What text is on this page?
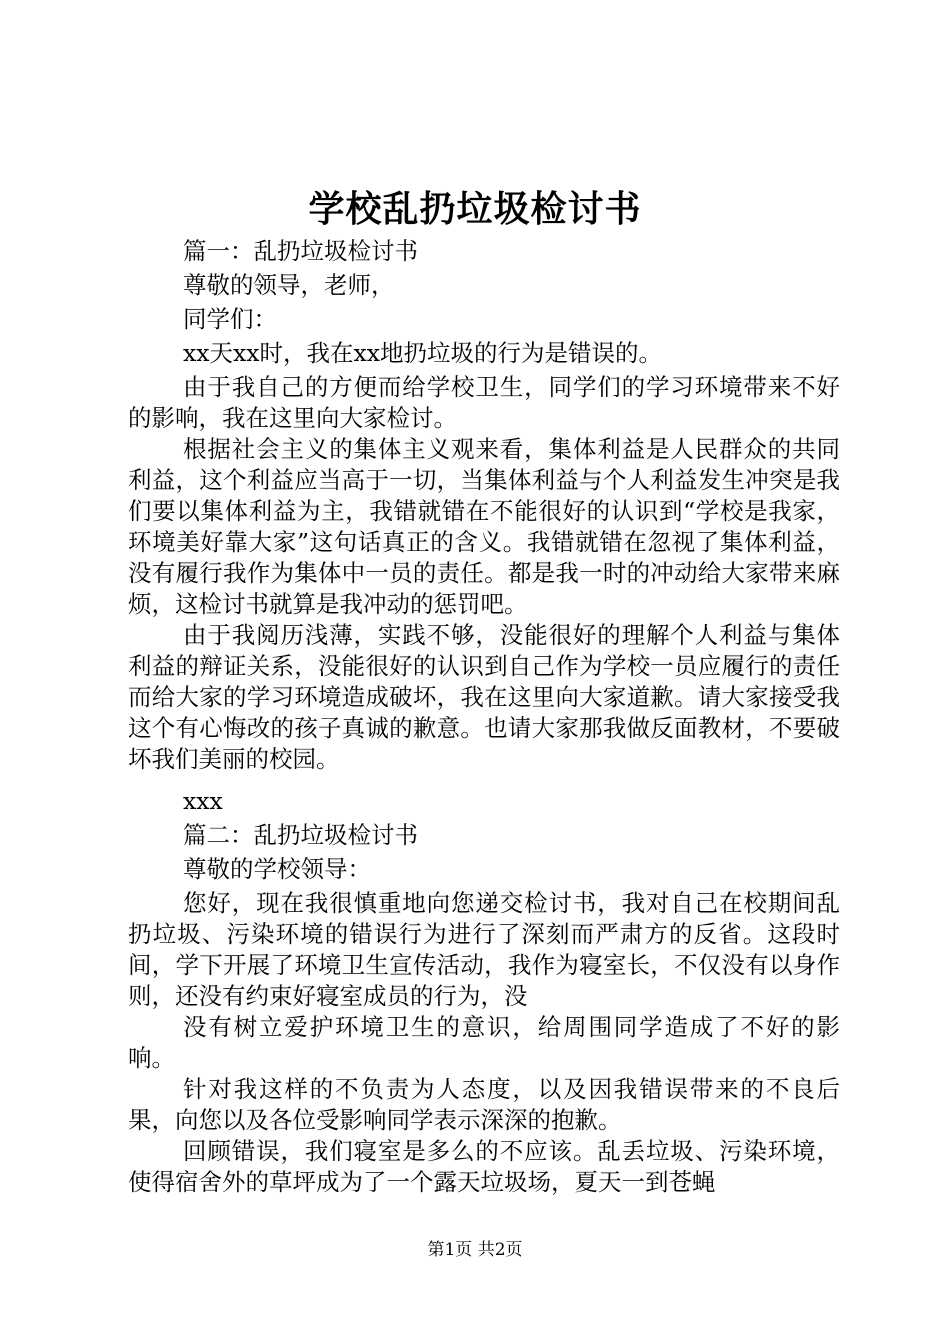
学校乱扔垃圾检讨书

篇一：乱扔垃圾检讨书

尊敬的领导，老师，

同学们：

xx天xx时，我在xx地扔垃圾的行为是错误的。

由于我自己的方便而给学校卫生，同学们的学习环境带来不好的影响，我在这里向大家检讨。

根据社会主义的集体主义观来看，集体利益是人民群众的共同利益，这个利益应当高于一切，当集体利益与个人利益发生冲突是我们要以集体利益为主，我错就错在不能很好的认识到“学校是我家，环境美好靠大家”这句话真正的含义。我错就错在忽视了集体利益，没有履行我作为集体中一员的责任。都是我一时的冲动给大家带来麻烦，这检讨书就算是我冲动的惩罚吧。

由于我阅历浅薄，实践不够，没能很好的理解个人利益与集体利益的辩证关系，没能很好的认识到自己作为学校一员应履行的责任而给大家的学习环境造成破坏，我在这里向大家道歉。请大家接受我这个有心悔改的孩子真诚的歉意。也请大家那我做反面教材，不要破坏我们美丽的校园。

xxx

篇二：乱扔垃圾检讨书

尊敬的学校领导：

您好，现在我很慎重地向您递交检讨书，我对自己在校期间乱扔垃圾、污染环境的错误行为进行了深刻而严肃方的反省。这段时间，学下开展了环境卫生宣传活动，我作为寝室长，不仅没有以身作则，还没有约束好寝室成员的行为，没

没有树立爱护环境卫生的意识，给周围同学造成了不好的影响。

针对我这样的不负责为人态度，以及因我错误带来的不良后果，向您以及各位受影响同学表示深深的抱歉。

回顾错误，我们寝室是多么的不应该。乱丢垃圾、污染环境，使得宿舍外的草坪成为了一个露天垃圾场，夏天一到苍蝇

第1页 共2页
